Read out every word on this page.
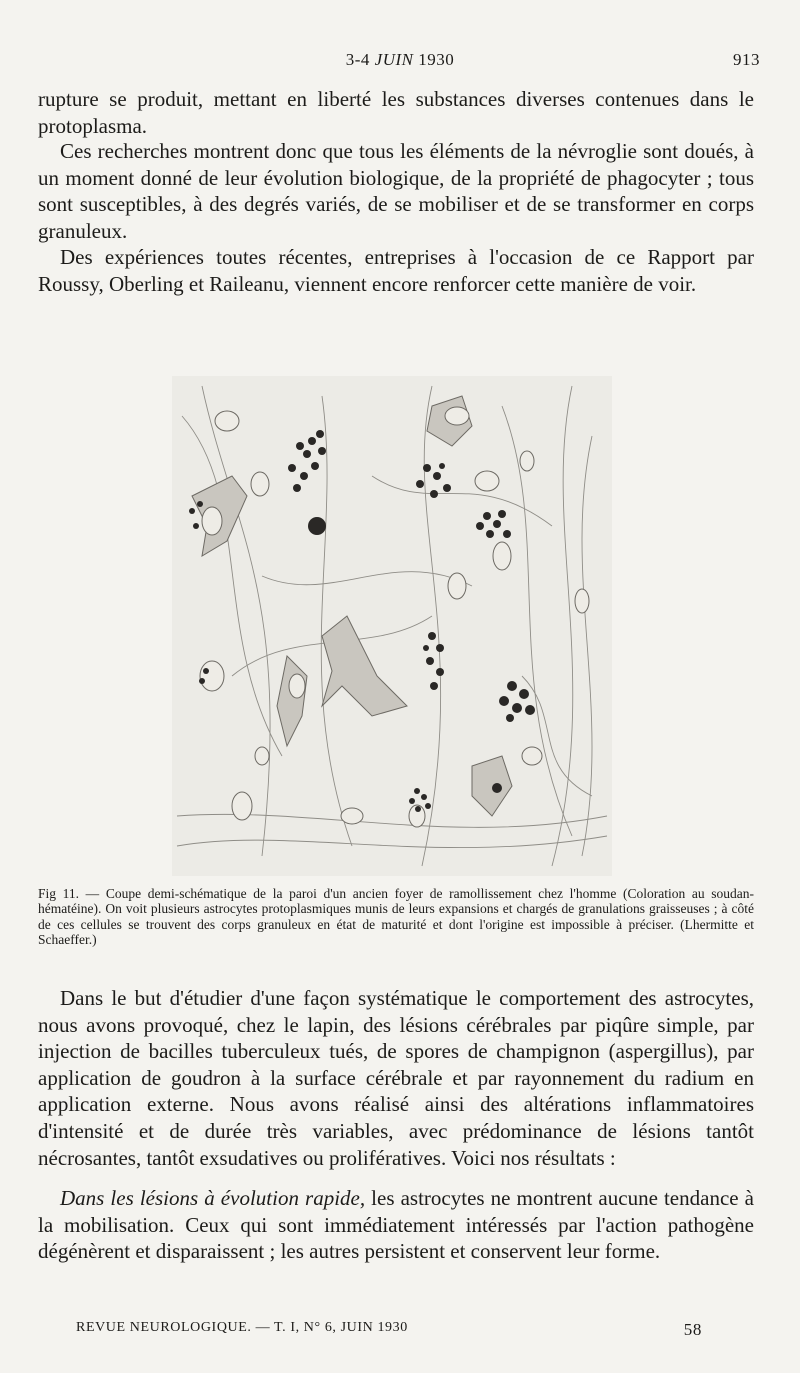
3-4 JUIN 1930	913

rupture se produit, mettant en liberté les substances diverses contenues dans le protoplasma.

Ces recherches montrent donc que tous les éléments de la névroglie sont doués, à un moment donné de leur évolution biologique, de la propriété de phagocyter ; tous sont susceptibles, à des degrés variés, de se mobiliser et de se transformer en corps granuleux.

Des expériences toutes récentes, entreprises à l'occasion de ce Rapport par Roussy, Oberling et Raileanu, viennent encore renforcer cette manière de voir.

Fig 11. — Coupe demi-schématique de la paroi d'un ancien foyer de ramollissement chez l'homme (Coloration au soudan-hématéine). On voit plusieurs astrocytes protoplasmiques munis de leurs expansions et chargés de granulations graisseuses ; à côté de ces cellules se trouvent des corps granuleux en état de maturité et dont l'origine est impossible à préciser. (Lhermitte et Schaeffer.)

Dans le but d'étudier d'une façon systématique le comportement des astrocytes, nous avons provoqué, chez le lapin, des lésions cérébrales par piqûre simple, par injection de bacilles tuberculeux tués, de spores de champignon (aspergillus), par application de goudron à la surface cérébrale et par rayonnement du radium en application externe. Nous avons réalisé ainsi des altérations inflammatoires d'intensité et de durée très variables, avec prédominance de lésions tantôt nécrosantes, tantôt exsudatives ou prolifératives. Voici nos résultats :

Dans les lésions à évolution rapide, les astrocytes ne montrent aucune tendance à la mobilisation. Ceux qui sont immédiatement intéressés par l'action pathogène dégénèrent et disparaissent ; les autres persistent et conservent leur forme.

REVUE NEUROLOGIQUE. — T. I, N° 6, JUIN 1930	58
